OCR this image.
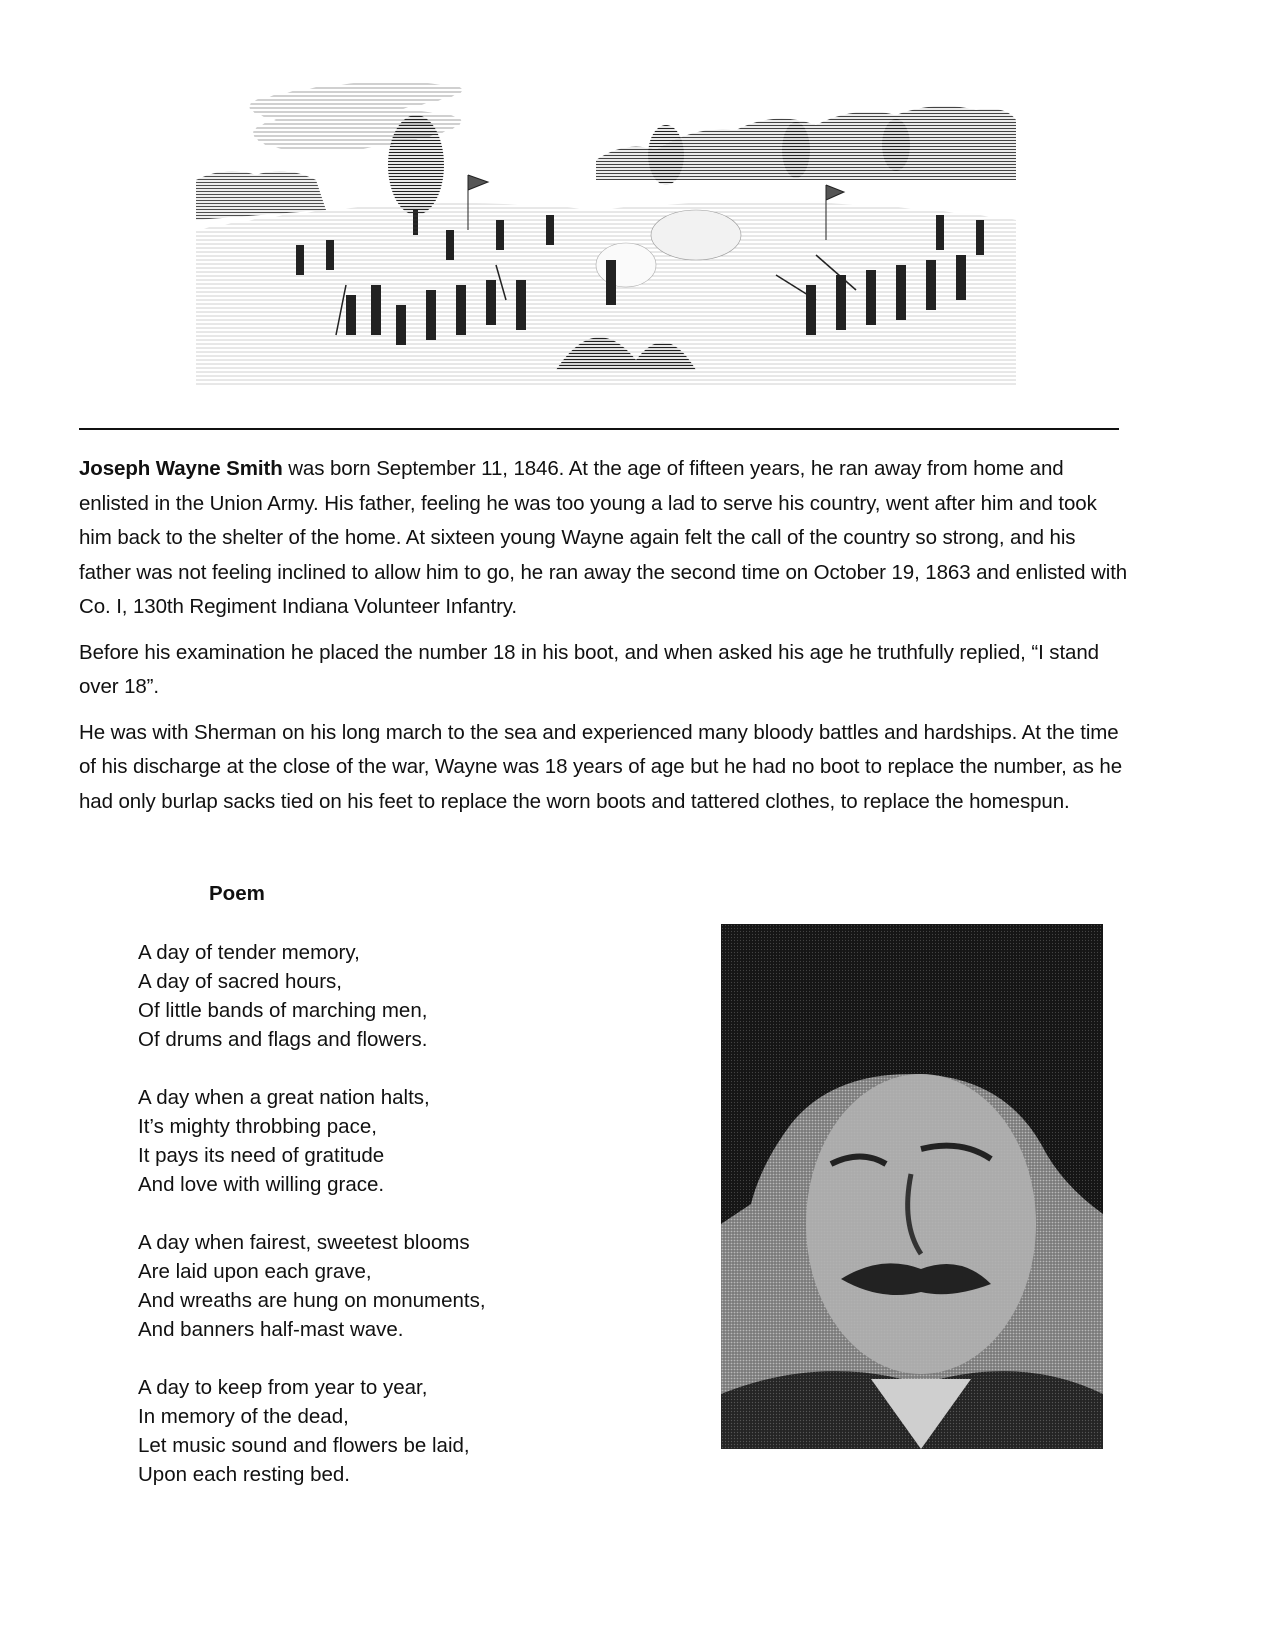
Joseph Wayne Smith was born September 11, 1846. At the age of fifteen years, he ran away from home and enlisted in the Union Army. His father, feeling he was too young a lad to serve his country, went after him and took him back to the shelter of the home. At sixteen young Wayne again felt the call of the country so strong, and his father was not feeling inclined to allow him to go, he ran away the second time on October 19, 1863 and enlisted with Co. I, 130th Regiment Indiana Volunteer Infantry.

Before his examination he placed the number 18 in his boot, and when asked his age he truthfully replied, “I stand over 18”.

He was with Sherman on his long march to the sea and experienced many bloody battles and hardships. At the time of his discharge at the close of the war, Wayne was 18 years of age but he had no boot to replace the number, as he had only burlap sacks tied on his feet to replace the worn boots and tattered clothes, to replace the homespun.

Poem
A day of tender memory,
A day of sacred hours,
Of little bands of marching men,
Of drums and flags and flowers.
A day when a great nation halts,
It’s mighty throbbing pace,
It pays its need of gratitude
And love with willing grace.
A day when fairest, sweetest blooms
Are laid upon each grave,
And wreaths are hung on monuments,
And banners half-mast wave.
A day to keep from year to year,
In memory of the dead,
Let music sound and flowers be laid,
Upon each resting bed.
